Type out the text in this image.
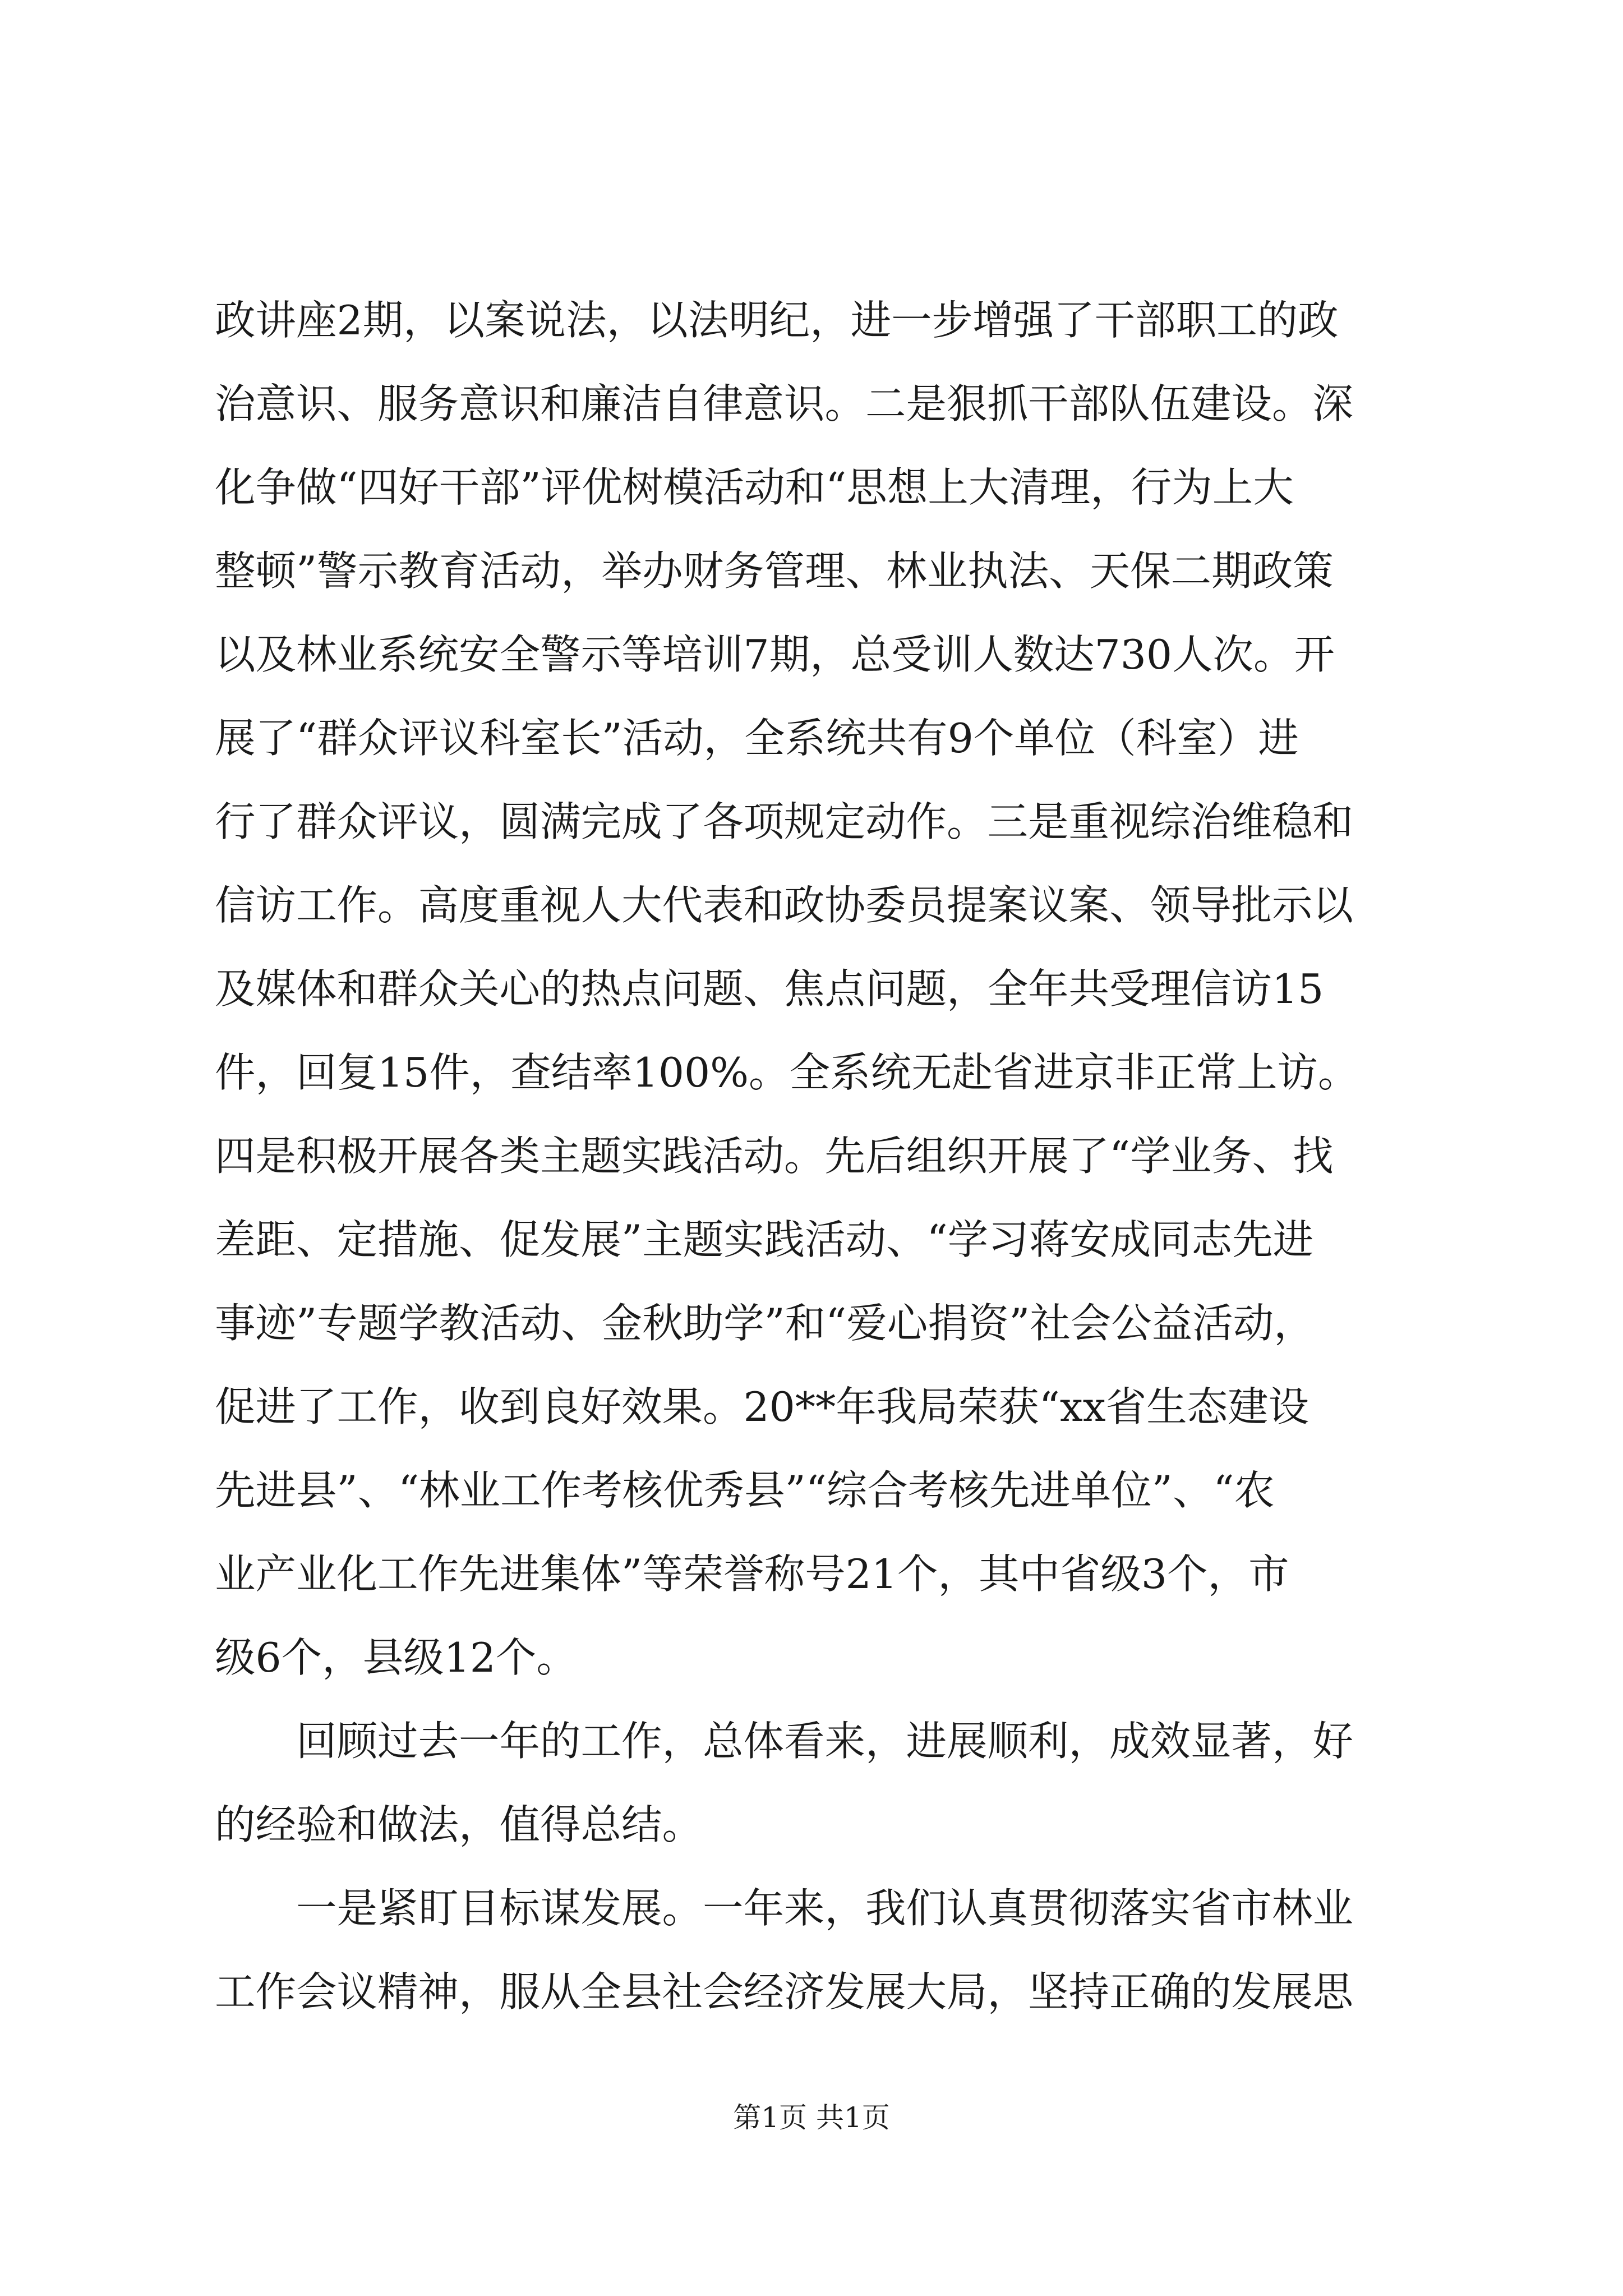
政讲座2期，以案说法，以法明纪，进一步增强了干部职工的政
治意识、服务意识和廉洁自律意识。二是狠抓干部队伍建设。深
化争做“四好干部”评优树模活动和“思想上大清理，行为上大
整顿”警示教育活动，举办财务管理、林业执法、天保二期政策
以及林业系统安全警示等培训7期，总受训人数达730人次。开
展了“群众评议科室长”活动，全系统共有9个单位（科室）进
行了群众评议，圆满完成了各项规定动作。三是重视综治维稳和
信访工作。高度重视人大代表和政协委员提案议案、领导批示以
及媒体和群众关心的热点问题、焦点问题，全年共受理信访15
件，回复15件，查结率100%。全系统无赴省进京非正常上访。
四是积极开展各类主题实践活动。先后组织开展了“学业务、找
差距、定措施、促发展”主题实践活动、“学习蒋安成同志先进
事迹”专题学教活动、金秋助学”和“爱心捐资”社会公益活动，
促进了工作，收到良好效果。20**年我局荣获“xx省生态建设
先进县”、“林业工作考核优秀县”“综合考核先进单位”、“农
业产业化工作先进集体”等荣誉称号21个，其中省级3个，市
级6个，县级12个。
　　回顾过去一年的工作，总体看来，进展顺利，成效显著，好
的经验和做法，值得总结。
　　一是紧盯目标谋发展。一年来，我们认真贯彻落实省市林业
工作会议精神，服从全县社会经济发展大局，坚持正确的发展思
第1页 共1页
